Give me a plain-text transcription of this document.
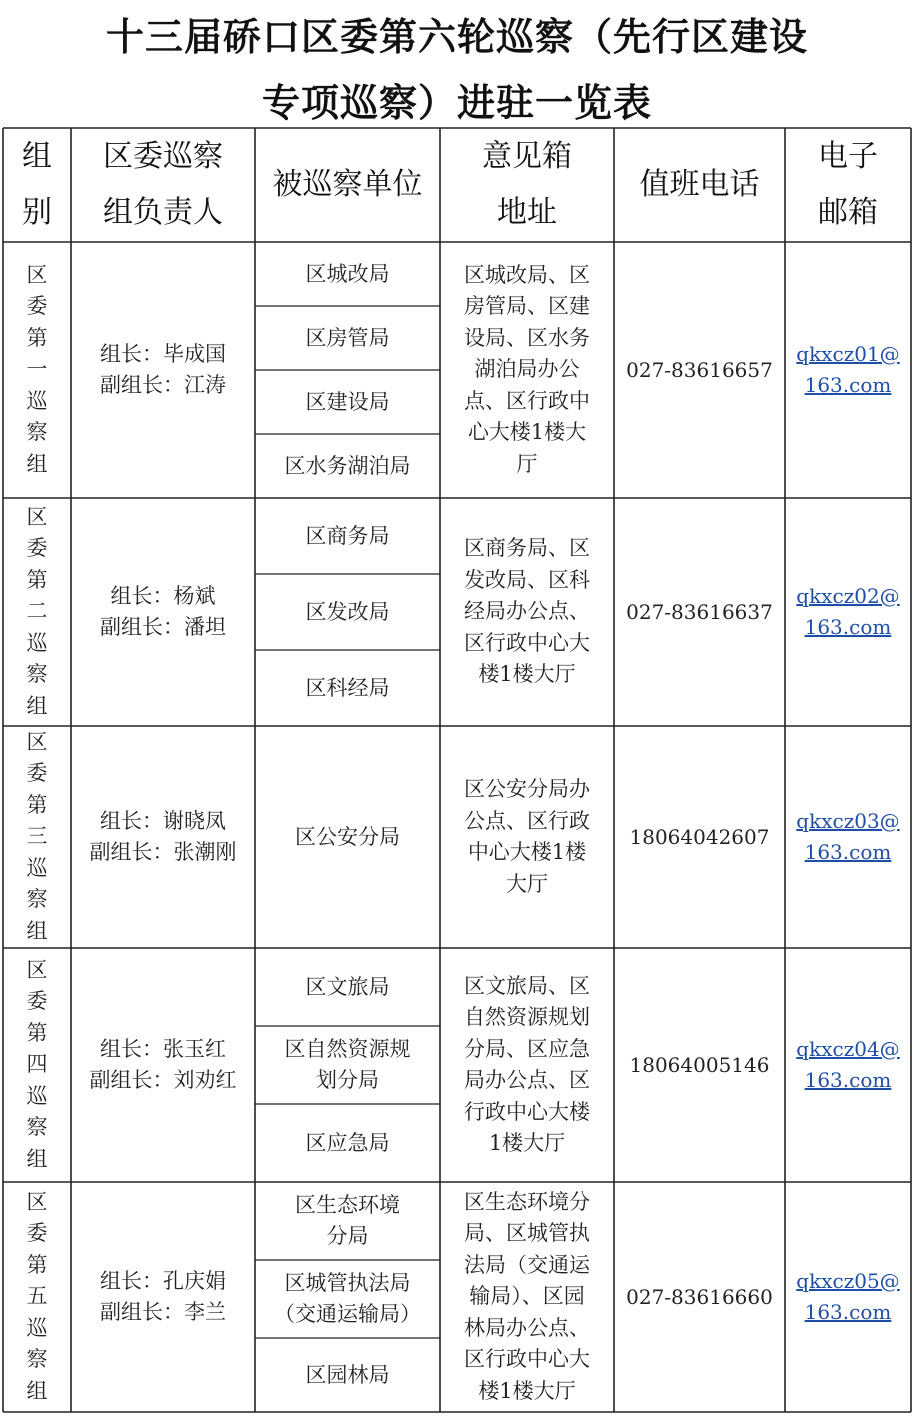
十三届硚口区委第六轮巡察（先行区建设
专项巡察）进驻一览表
组
别
区委巡察
组负责人
被巡察单位
意见箱
地址
值班电话
电子
邮箱
区
委
第
一
巡
察
组
组长：毕成国
副组长：江涛
区城改局
区房管局
区建设局
区水务湖泊局
区城改局、区
房管局、区建
设局、区水务
湖泊局办公
点、区行政中
心大楼1楼大
厅
027-83616657
qkxcz01@
163.com
区
委
第
二
巡
察
组
组长：杨斌
副组长：潘坦
区商务局
区发改局
区科经局
区商务局、区
发改局、区科
经局办公点、
区行政中心大
楼1楼大厅
027-83616637
qkxcz02@
163.com
区
委
第
三
巡
察
组
组长：谢晓凤
副组长：张潮刚
区公安分局
区公安分局办
公点、区行政
中心大楼1楼
大厅
18064042607
qkxcz03@
163.com
区
委
第
四
巡
察
组
组长：张玉红
副组长：刘劝红
区文旅局
区自然资源规
划分局
区应急局
区文旅局、区
自然资源规划
分局、区应急
局办公点、区
行政中心大楼
1楼大厅
18064005146
qkxcz04@
163.com
区
委
第
五
巡
察
组
组长：孔庆娟
副组长：李兰
区生态环境
分局
区城管执法局
（交通运输局）
区园林局
区生态环境分
局、区城管执
法局（交通运
输局）、区园
林局办公点、
区行政中心大
楼1楼大厅
027-83616660
qkxcz05@
163.com
